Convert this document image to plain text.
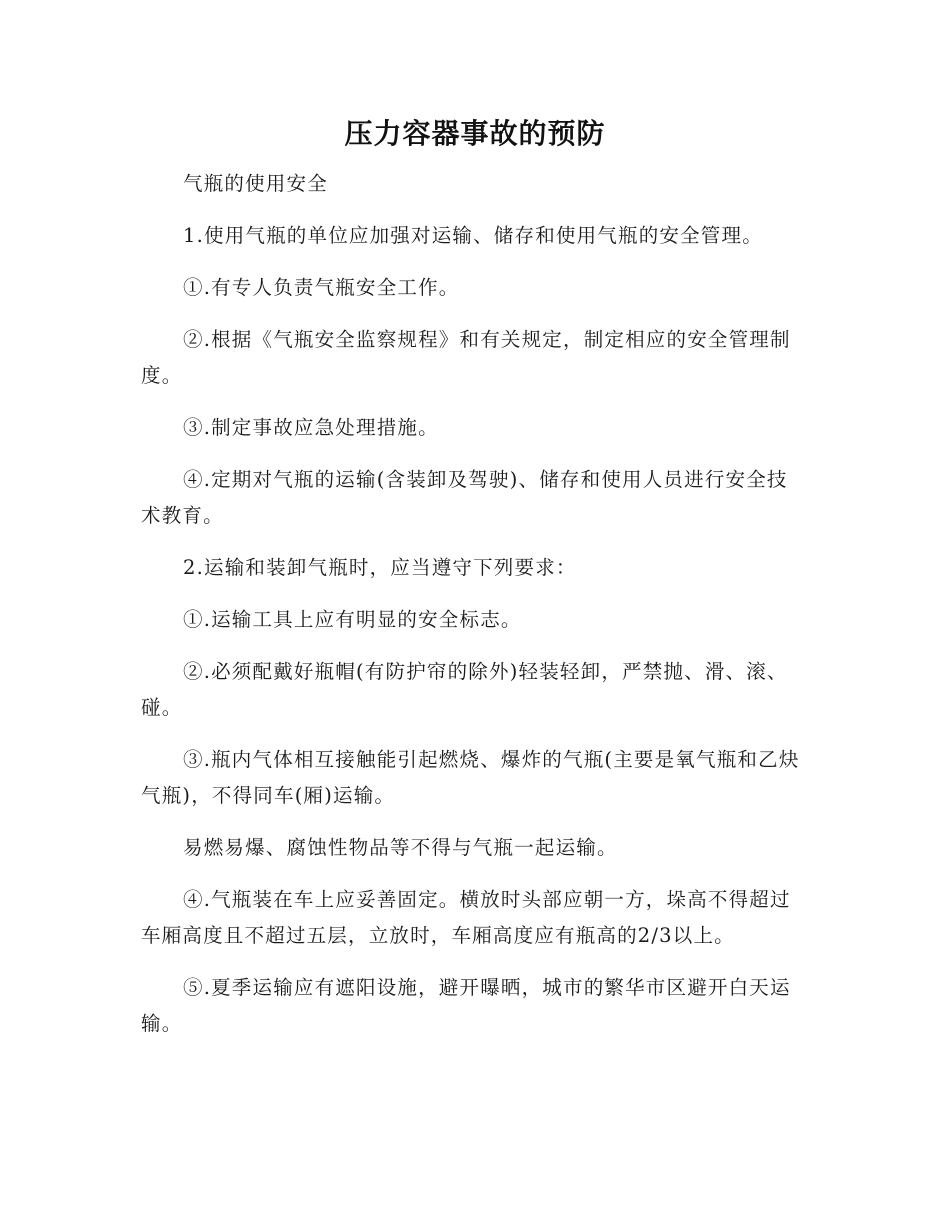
压力容器事故的预防

气瓶的使用安全

1.使用气瓶的单位应加强对运输、储存和使用气瓶的安全管理。

①.有专人负责气瓶安全工作。

②.根据《气瓶安全监察规程》和有关规定，制定相应的安全管理制度。

③.制定事故应急处理措施。

④.定期对气瓶的运输(含装卸及驾驶)、储存和使用人员进行安全技术教育。

2.运输和装卸气瓶时，应当遵守下列要求：

①.运输工具上应有明显的安全标志。

②.必须配戴好瓶帽(有防护帘的除外)轻装轻卸，严禁抛、滑、滚、碰。

③.瓶内气体相互接触能引起燃烧、爆炸的气瓶(主要是氧气瓶和乙炔气瓶)，不得同车(厢)运输。

易燃易爆、腐蚀性物品等不得与气瓶一起运输。

④.气瓶装在车上应妥善固定。横放时头部应朝一方，垛高不得超过车厢高度且不超过五层，立放时，车厢高度应有瓶高的2/3以上。

⑤.夏季运输应有遮阳设施，避开曝晒，城市的繁华市区避开白天运输。
